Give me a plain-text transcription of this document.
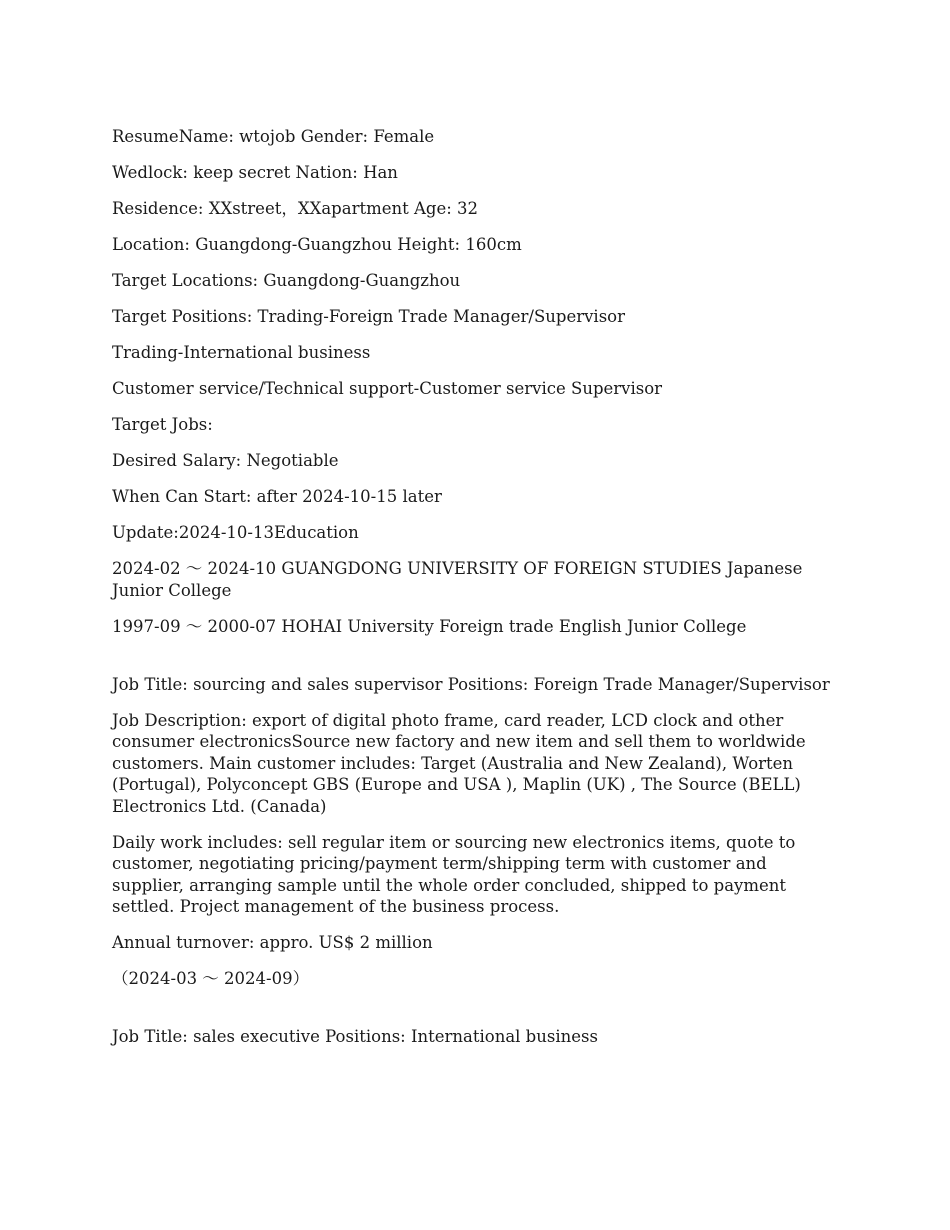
ResumeName: wtojob Gender: Female

Wedlock: keep secret Nation: Han

Residence: XXstreet，XXapartment Age: 32

Location: Guangdong-Guangzhou Height: 160cm

Target Locations: Guangdong-Guangzhou

Target Positions: Trading-Foreign Trade Manager/Supervisor

Trading-International business

Customer service/Technical support-Customer service Supervisor

Target Jobs:

Desired Salary: Negotiable

When Can Start: after 2024-10-15 later

Update:2024-10-13Education

2024-02 ～ 2024-10 GUANGDONG UNIVERSITY OF FOREIGN STUDIES Japanese Junior College

1997-09 ～ 2000-07 HOHAI University Foreign trade English Junior College

Job Title: sourcing and sales supervisor Positions: Foreign Trade Manager/Supervisor

Job Description: export of digital photo frame, card reader, LCD clock and other consumer electronicsSource new factory and new item and sell them to worldwide customers. Main customer includes: Target (Australia and New Zealand), Worten (Portugal), Polyconcept GBS (Europe and USA ), Maplin (UK) , The Source (BELL) Electronics Ltd. (Canada)

Daily work includes: sell regular item or sourcing new electronics items, quote to customer, negotiating pricing/payment term/shipping term with customer and supplier, arranging sample until the whole order concluded, shipped to payment settled. Project management of the business process.

Annual turnover: appro. US$ 2 million

（2024-03 ～ 2024-09）

Job Title: sales executive Positions: International business
